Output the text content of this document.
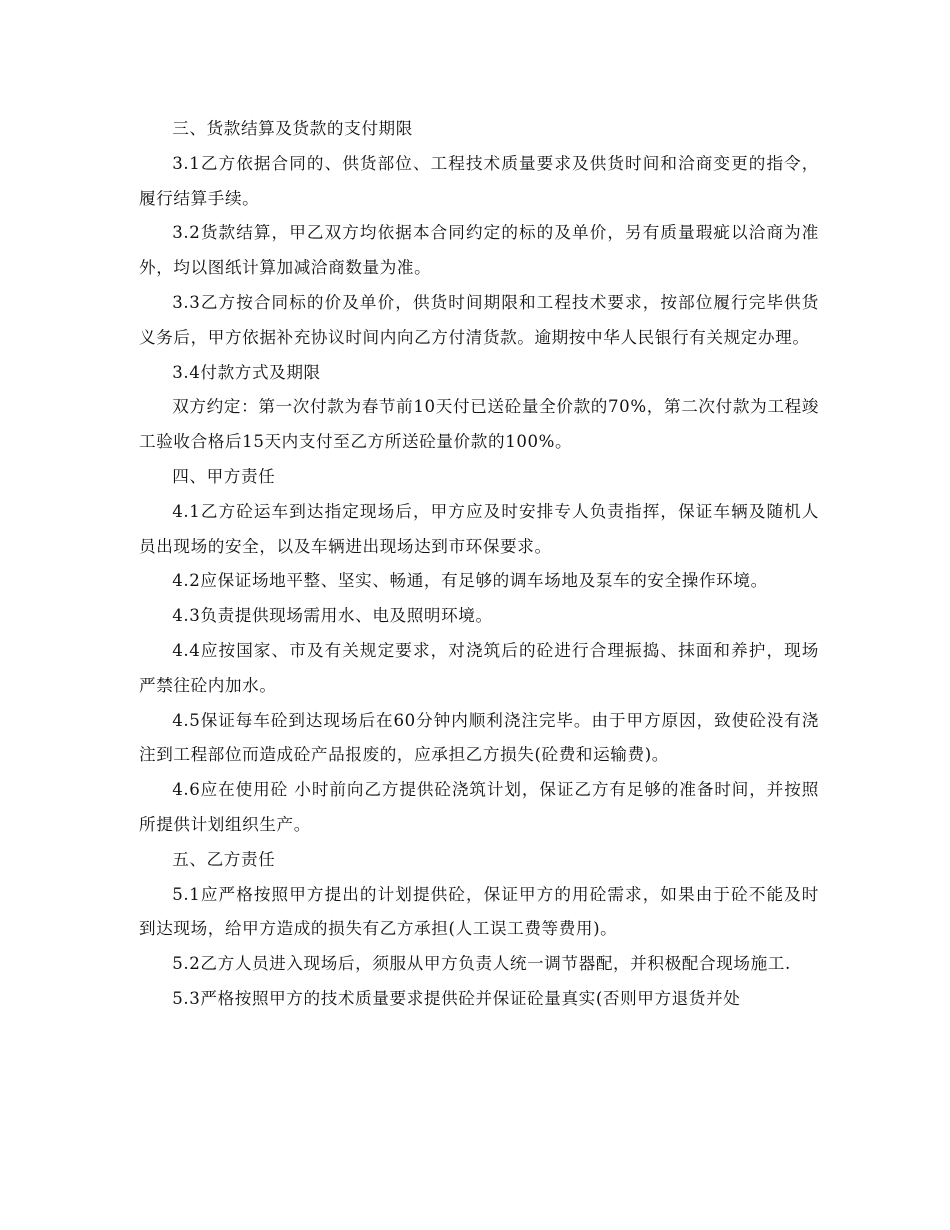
三、货款结算及货款的支付期限

3.1乙方依据合同的、供货部位、工程技术质量要求及供货时间和洽商变更的指令，履行结算手续。

3.2货款结算，甲乙双方均依据本合同约定的标的及单价，另有质量瑕疵以洽商为准外，均以图纸计算加减洽商数量为准。

3.3乙方按合同标的价及单价，供货时间期限和工程技术要求，按部位履行完毕供货义务后，甲方依据补充协议时间内向乙方付清货款。逾期按中华人民银行有关规定办理。

3.4付款方式及期限

双方约定：第一次付款为春节前10天付已送砼量全价款的70%，第二次付款为工程竣工验收合格后15天内支付至乙方所送砼量价款的100%。

四、甲方责任

4.1乙方砼运车到达指定现场后，甲方应及时安排专人负责指挥，保证车辆及随机人员出现场的安全，以及车辆进出现场达到市环保要求。

4.2应保证场地平整、坚实、畅通，有足够的调车场地及泵车的安全操作环境。

4.3负责提供现场需用水、电及照明环境。

4.4应按国家、市及有关规定要求，对浇筑后的砼进行合理振捣、抹面和养护，现场严禁往砼内加水。

4.5保证每车砼到达现场后在60分钟内顺利浇注完毕。由于甲方原因，致使砼没有浇注到工程部位而造成砼产品报废的，应承担乙方损失(砼费和运输费)。

4.6应在使用砼 小时前向乙方提供砼浇筑计划，保证乙方有足够的准备时间，并按照所提供计划组织生产。

五、乙方责任

5.1应严格按照甲方提出的计划提供砼，保证甲方的用砼需求，如果由于砼不能及时到达现场，给甲方造成的损失有乙方承担(人工误工费等费用)。

5.2乙方人员进入现场后，须服从甲方负责人统一调节器配，并积极配合现场施工.

5.3严格按照甲方的技术质量要求提供砼并保证砼量真实(否则甲方退货并处
